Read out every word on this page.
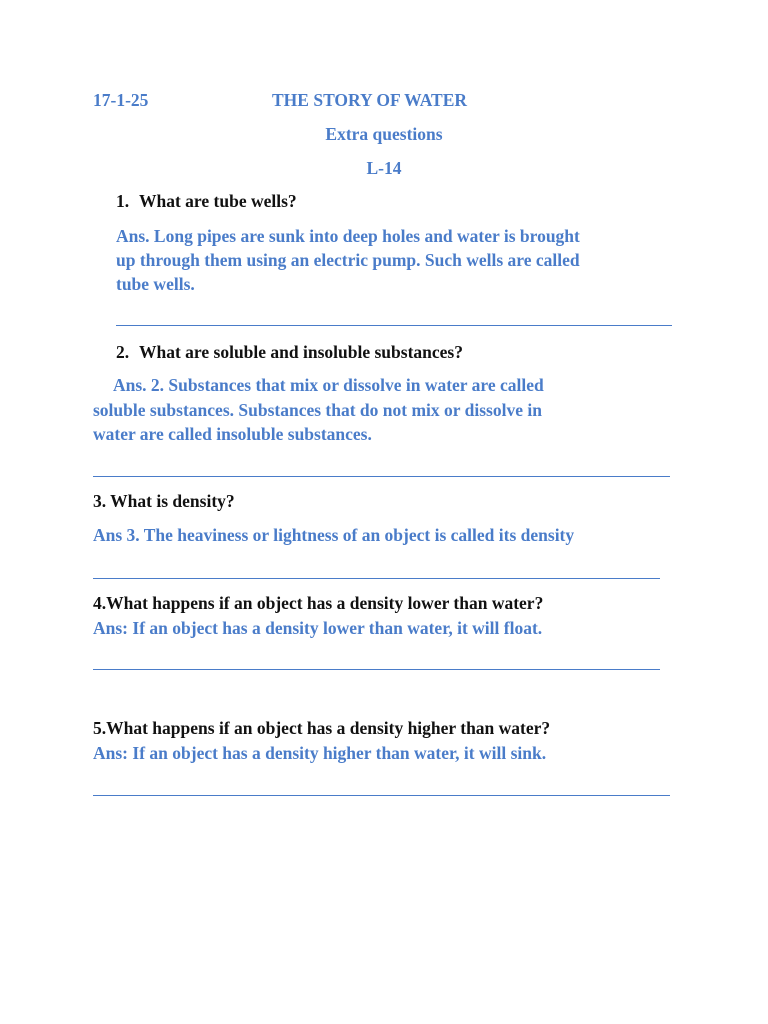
17-1-25	THE STORY OF WATER
Extra questions
L-14
1. What are tube wells?
Ans. Long pipes are sunk into deep holes and water is brought
up through them using an electric pump. Such wells are called
tube wells.
2. What are soluble and insoluble substances?
Ans. 2. Substances that mix or dissolve in water are called
soluble substances. Substances that do not mix or dissolve in
water are called insoluble substances.
3. What is density?
Ans 3. The heaviness or lightness of an object is called its density
4.What happens if an object has a density lower than water?
Ans: If an object has a density lower than water, it will float.
5.What happens if an object has a density higher than water?
Ans: If an object has a density higher than water, it will sink.
